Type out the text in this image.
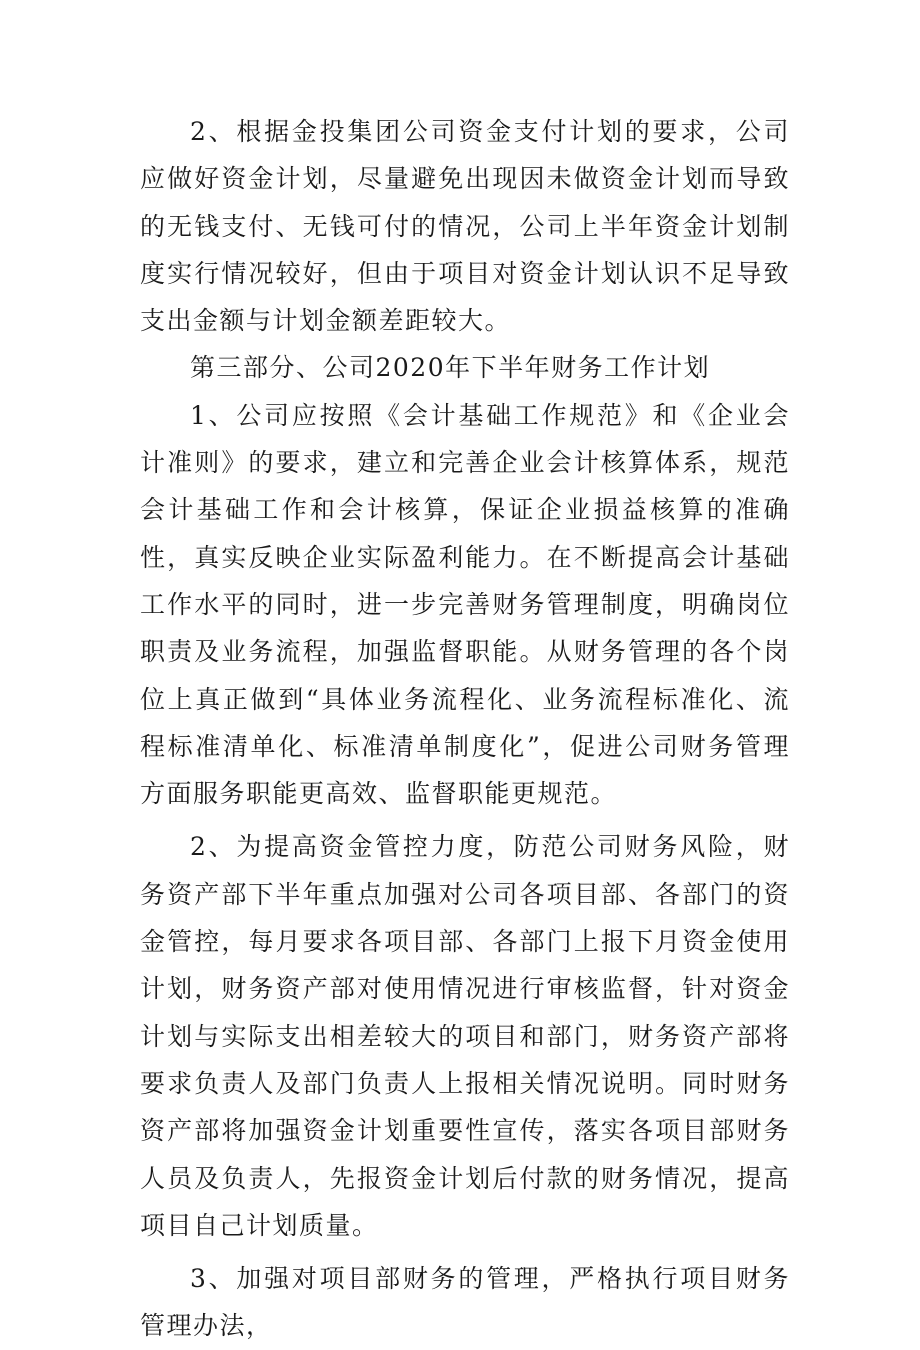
2、根据金投集团公司资金支付计划的要求，公司应做好资金计划，尽量避免出现因未做资金计划而导致的无钱支付、无钱可付的情况，公司上半年资金计划制度实行情况较好，但由于项目对资金计划认识不足导致支出金额与计划金额差距较大。

第三部分、公司2020年下半年财务工作计划

1、公司应按照《会计基础工作规范》和《企业会计准则》的要求，建立和完善企业会计核算体系，规范会计基础工作和会计核算，保证企业损益核算的准确性，真实反映企业实际盈利能力。在不断提高会计基础工作水平的同时，进一步完善财务管理制度，明确岗位职责及业务流程，加强监督职能。从财务管理的各个岗位上真正做到“具体业务流程化、业务流程标准化、流程标准清单化、标准清单制度化”，促进公司财务管理方面服务职能更高效、监督职能更规范。

2、为提高资金管控力度，防范公司财务风险，财务资产部下半年重点加强对公司各项目部、各部门的资金管控，每月要求各项目部、各部门上报下月资金使用计划，财务资产部对使用情况进行审核监督，针对资金计划与实际支出相差较大的项目和部门，财务资产部将要求负责人及部门负责人上报相关情况说明。同时财务资产部将加强资金计划重要性宣传，落实各项目部财务人员及负责人，先报资金计划后付款的财务情况，提高项目自己计划质量。

3、加强对项目部财务的管理，严格执行项目财务管理办法，
